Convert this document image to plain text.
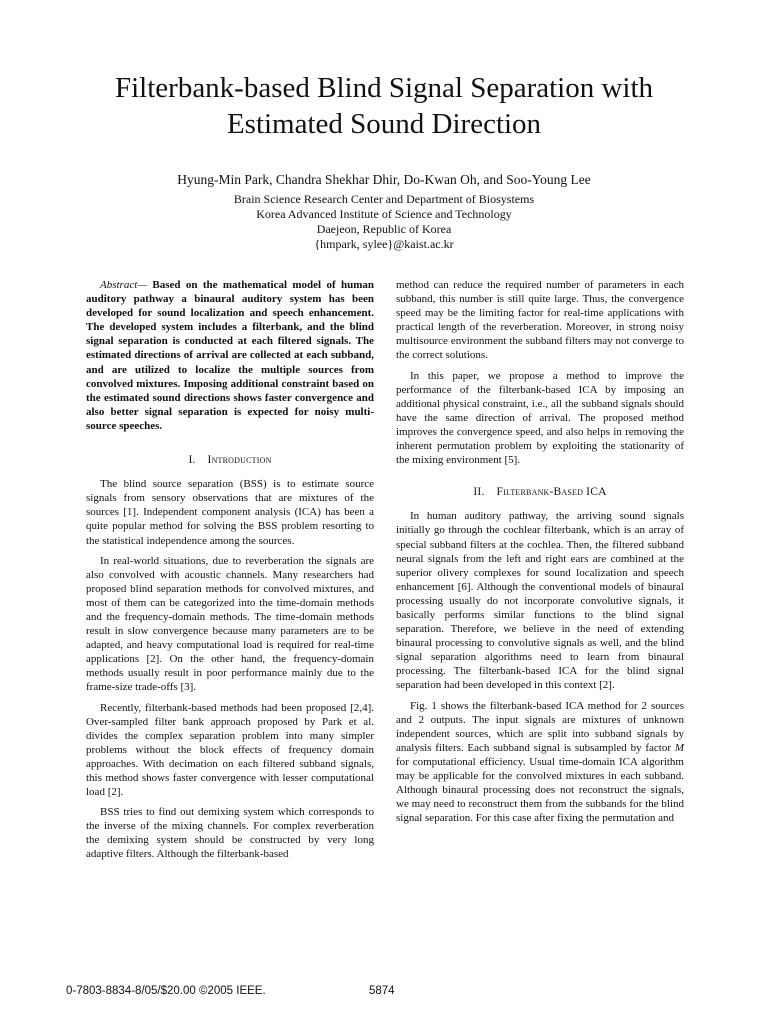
Filterbank-based Blind Signal Separation with
Estimated Sound Direction
Hyung-Min Park, Chandra Shekhar Dhir, Do-Kwan Oh, and Soo-Young Lee
Brain Science Research Center and Department of Biosystems
Korea Advanced Institute of Science and Technology
Daejeon, Republic of Korea
{hmpark, sylee}@kaist.ac.kr

Abstract— Based on the mathematical model of human auditory pathway a binaural auditory system has been developed for sound localization and speech enhancement. The developed system includes a filterbank, and the blind signal separation is conducted at each filtered signals. The estimated directions of arrival are collected at each subband, and are utilized to localize the multiple sources from convolved mixtures. Imposing additional constraint based on the estimated sound directions shows faster convergence and also better signal separation is expected for noisy multi-source speeches.

I. Introduction

The blind source separation (BSS) is to estimate source signals from sensory observations that are mixtures of the sources [1]. Independent component analysis (ICA) has been a quite popular method for solving the BSS problem resorting to the statistical independence among the sources.

In real-world situations, due to reverberation the signals are also convolved with acoustic channels. Many researchers had proposed blind separation methods for convolved mixtures, and most of them can be categorized into the time-domain methods and the frequency-domain methods. The time-domain methods result in slow convergence because many parameters are to be adapted, and heavy computational load is required for real-time applications [2]. On the other hand, the frequency-domain methods usually result in poor performance mainly due to the frame-size trade-offs [3].

Recently, filterbank-based methods had been proposed [2,4]. Over-sampled filter bank approach proposed by Park et al. divides the complex separation problem into many simpler problems without the block effects of frequency domain approaches. With decimation on each filtered subband signals, this method shows faster convergence with lesser computational load [2].

BSS tries to find out demixing system which corresponds to the inverse of the mixing channels. For complex reverberation the demixing system should be constructed by very long adaptive filters. Although the filterbank-based

method can reduce the required number of parameters in each subband, this number is still quite large. Thus, the convergence speed may be the limiting factor for real-time applications with practical length of the reverberation. Moreover, in strong noisy multisource environment the subband filters may not converge to the correct solutions.

In this paper, we propose a method to improve the performance of the filterbank-based ICA by imposing an additional physical constraint, i.e., all the subband signals should have the same direction of arrival. The proposed method improves the convergence speed, and also helps in removing the inherent permutation problem by exploiting the stationarity of the mixing environment [5].

II. Filterbank-Based ICA

In human auditory pathway, the arriving sound signals initially go through the cochlear filterbank, which is an array of special subband filters at the cochlea. Then, the filtered subband neural signals from the left and right ears are combined at the superior olivery complexes for sound localization and speech enhancement [6]. Although the conventional models of binaural processing usually do not incorporate convolutive signals, it basically performs similar functions to the blind signal separation. Therefore, we believe in the need of extending binaural processing to convolutive signals as well, and the blind signal separation algorithms need to learn from binaural processing. The filterbank-based ICA for the blind signal separation had been developed in this context [2].

Fig. 1 shows the filterbank-based ICA method for 2 sources and 2 outputs. The input signals are mixtures of unknown independent sources, which are split into subband signals by analysis filters. Each subband signal is subsampled by factor M for computational efficiency. Usual time-domain ICA algorithm may be applicable for the convolved mixtures in each subband. Although binaural processing does not reconstruct the signals, we may need to reconstruct them from the subbands for the blind signal separation. For this case after fixing the permutation and

0-7803-8834-8/05/$20.00 ©2005 IEEE.	5874
